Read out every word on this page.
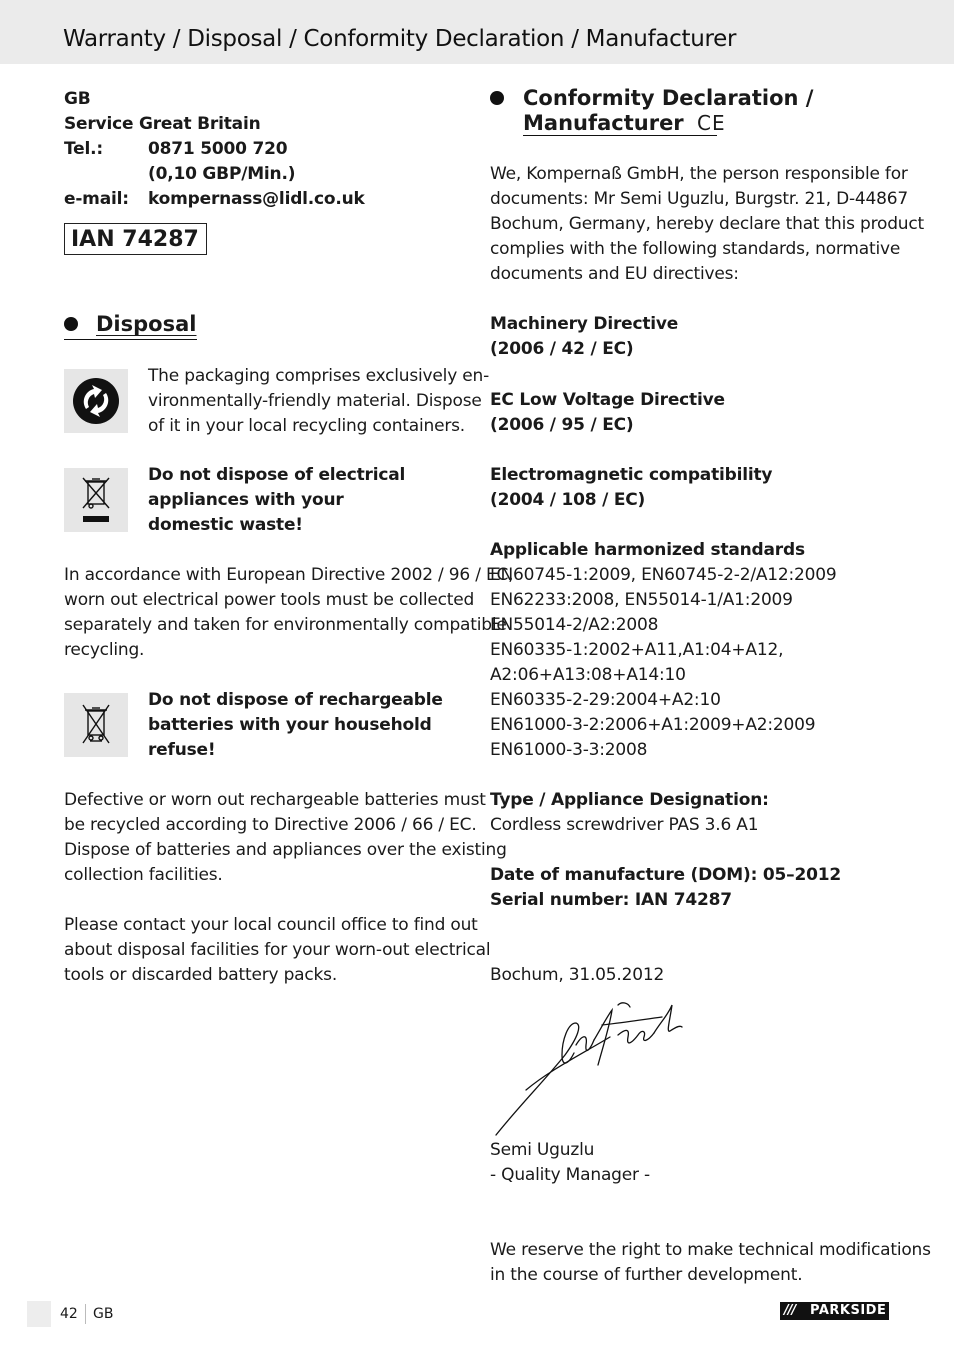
Warranty / Disposal / Conformity Declaration / Manufacturer
GB
Service Great Britain
Tel.:	0871 5000 720
(0,10 GBP/Min.)
e-mail: kompernass@lidl.co.uk
IAN 74287
Disposal
The packaging comprises exclusively en-
vironmentally-friendly material. Dispose
of it in your local recycling containers.
Do not dispose of electrical
appliances with your
domestic waste!
In accordance with European Directive 2002 / 96 / EC,
worn out electrical power tools must be collected
separately and taken for environmentally compatible
recycling.
Do not dispose of rechargeable
batteries with your household
refuse!
Defective or worn out rechargeable batteries must
be recycled according to Directive 2006 / 66 / EC.
Dispose of batteries and appliances over the existing
collection facilities.
Please contact your local council office to find out
about disposal facilities for your worn-out electrical
tools or discarded battery packs.
Conformity Declaration /
Manufacturer CE
We, Kompernaß GmbH, the person responsible for
documents: Mr Semi Uguzlu, Burgstr. 21, D-44867
Bochum, Germany, hereby declare that this product
complies with the following standards, normative
documents and EU directives:
Machinery Directive
(2006 / 42 / EC)
EC Low Voltage Directive
(2006 / 95 / EC)
Electromagnetic compatibility
(2004 / 108 / EC)
Applicable harmonized standards
EN60745-1:2009, EN60745-2-2/A12:2009
EN62233:2008, EN55014-1/A1:2009
EN55014-2/A2:2008
EN60335-1:2002+A11,A1:04+A12,
A2:06+A13:08+A14:10
EN60335-2-29:2004+A2:10
EN61000-3-2:2006+A1:2009+A2:2009
EN61000-3-3:2008
Type / Appliance Designation:
Cordless screwdriver PAS 3.6 A1
Date of manufacture (DOM): 05–2012
Serial number: IAN 74287
Bochum, 31.05.2012
Semi Uguzlu
- Quality Manager -
We reserve the right to make technical modifications
in the course of further development.
42 GB	/// PARKSIDE
